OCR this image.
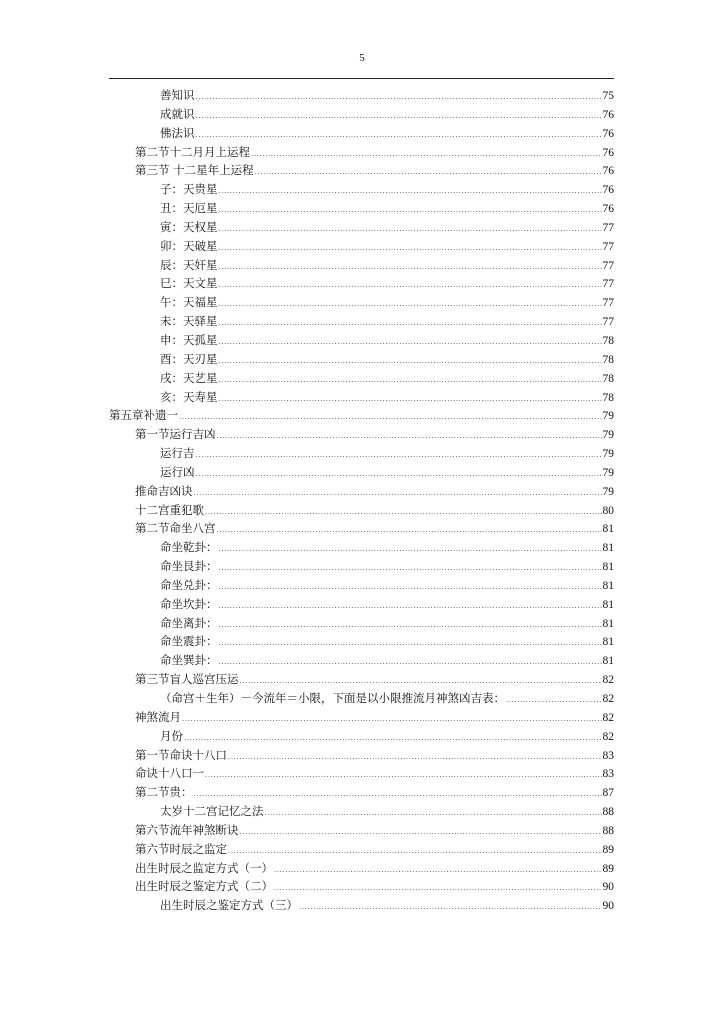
5
善知识 .....	75
成就识 .....	76
佛法识 .....	76
第二节十二月月上运程 .....	76
第三节 十二星年上运程 .....	76
子：天贵星 .....	76
丑：天厄星 .....	76
寅：天权星 .....	77
卯：天破星 .....	77
辰：天奸星 .....	77
巳：天文星 .....	77
午：天福星 .....	77
未：天驿星 .....	77
申：天孤星 .....	78
酉：天刃星 .....	78
戌：天艺星 .....	78
亥：天寿星 .....	78
第五章补遗一 .....	79
第一节运行吉凶 .....	79
运行吉 .....	79
运行凶 .....	79
推命吉凶诀 .....	79
十二宫重犯歌 .....	80
第二节命坐八宫 .....	81
命坐乾卦： .....	81
命坐艮卦： .....	81
命坐兑卦： .....	81
命坐坎卦： .....	81
命坐离卦： .....	81
命坐震卦： .....	81
命坐巽卦： .....	81
第三节盲人巡宫压运 .....	82
（命宫＋生年）－今流年＝小限，下面是以小限推流月神煞凶吉表： .....	82
神煞流月 .....	82
月份 .....	82
第一节命诀十八口 .....	83
命诀十八口一 .....	83
第二节贵： .....	87
太岁十二宫记忆之法 .....	88
第六节流年神煞断诀 .....	88
第六节时辰之监定 .....	89
出生时辰之监定方式（一） .....	89
出生时辰之鉴定方式（二） .....	90
出生时辰之鉴定方式（三） .....	90
